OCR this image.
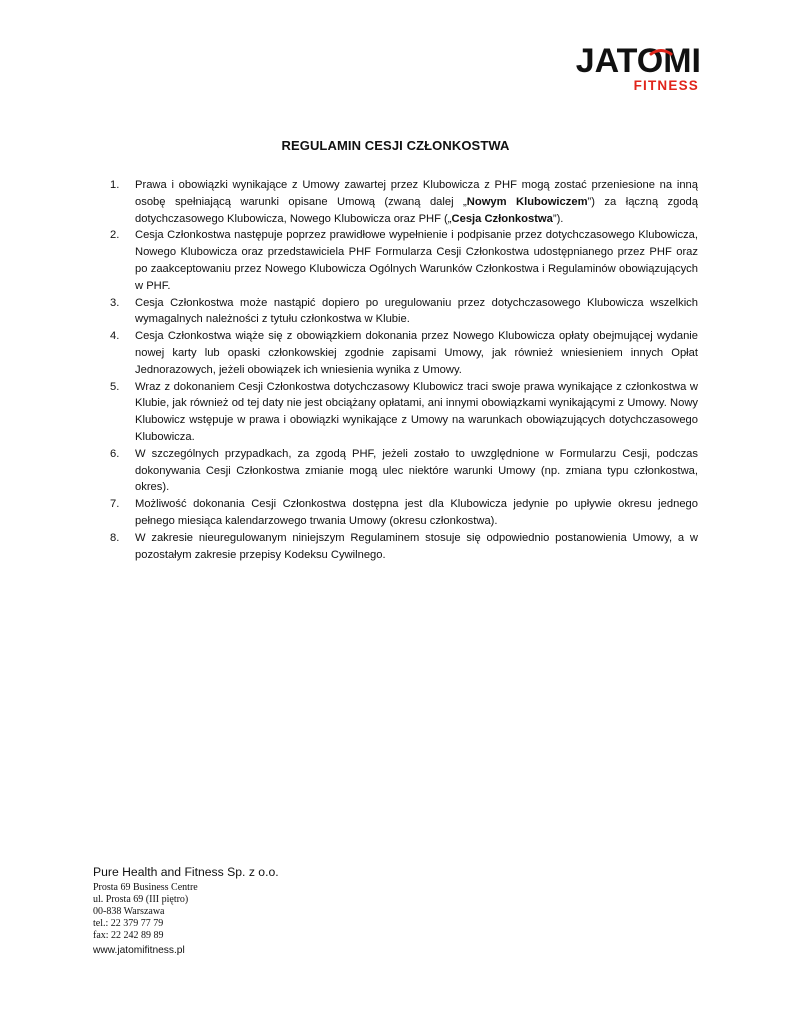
JATOMI
FITNESS
REGULAMIN CESJI CZŁONKOSTWA
1. Prawa i obowiązki wynikające z Umowy zawartej przez Klubowicza z PHF mogą zostać przeniesione na inną osobę spełniającą warunki opisane Umową (zwaną dalej „Nowym Klubowiczem”) za łączną zgodą dotychczasowego Klubowicza, Nowego Klubowicza oraz PHF („Cesja Członkostwa”).
2. Cesja Członkostwa następuje poprzez prawidłowe wypełnienie i podpisanie przez dotychczasowego Klubowicza, Nowego Klubowicza oraz przedstawiciela PHF Formularza Cesji Członkostwa udostępnianego przez PHF oraz po zaakceptowaniu przez Nowego Klubowicza Ogólnych Warunków Członkostwa i Regulaminów obowiązujących w PHF.
3. Cesja Członkostwa może nastąpić dopiero po uregulowaniu przez dotychczasowego Klubowicza wszelkich wymagalnych należności z tytułu członkostwa w Klubie.
4. Cesja Członkostwa wiąże się z obowiązkiem dokonania przez Nowego Klubowicza opłaty obejmującej wydanie nowej karty lub opaski członkowskiej zgodnie zapisami Umowy, jak również wniesieniem innych Opłat Jednorazowych, jeżeli obowiązek ich wniesienia wynika z Umowy.
5. Wraz z dokonaniem Cesji Członkostwa dotychczasowy Klubowicz traci swoje prawa wynikające z członkostwa w Klubie, jak również od tej daty nie jest obciążany opłatami, ani innymi obowiązkami wynikającymi z Umowy. Nowy Klubowicz wstępuje w prawa i obowiązki wynikające z Umowy na warunkach obowiązujących dotychczasowego Klubowicza.
6. W szczególnych przypadkach, za zgodą PHF, jeżeli zostało to uwzględnione w Formularzu Cesji, podczas dokonywania Cesji Członkostwa zmianie mogą ulec niektóre warunki Umowy (np. zmiana typu członkostwa, okres).
7. Możliwość dokonania Cesji Członkostwa dostępna jest dla Klubowicza jedynie po upływie okresu jednego pełnego miesiąca kalendarzowego trwania Umowy (okresu członkostwa).
8. W zakresie nieuregulowanym niniejszym Regulaminem stosuje się odpowiednio postanowienia Umowy, a w pozostałym zakresie przepisy Kodeksu Cywilnego.
Pure Health and Fitness Sp. z o.o.
Prosta 69 Business Centre
ul. Prosta 69 (III piętro)
00-838 Warszawa
tel.: 22 379 77 79
fax: 22 242 89 89
www.jatomifitness.pl
